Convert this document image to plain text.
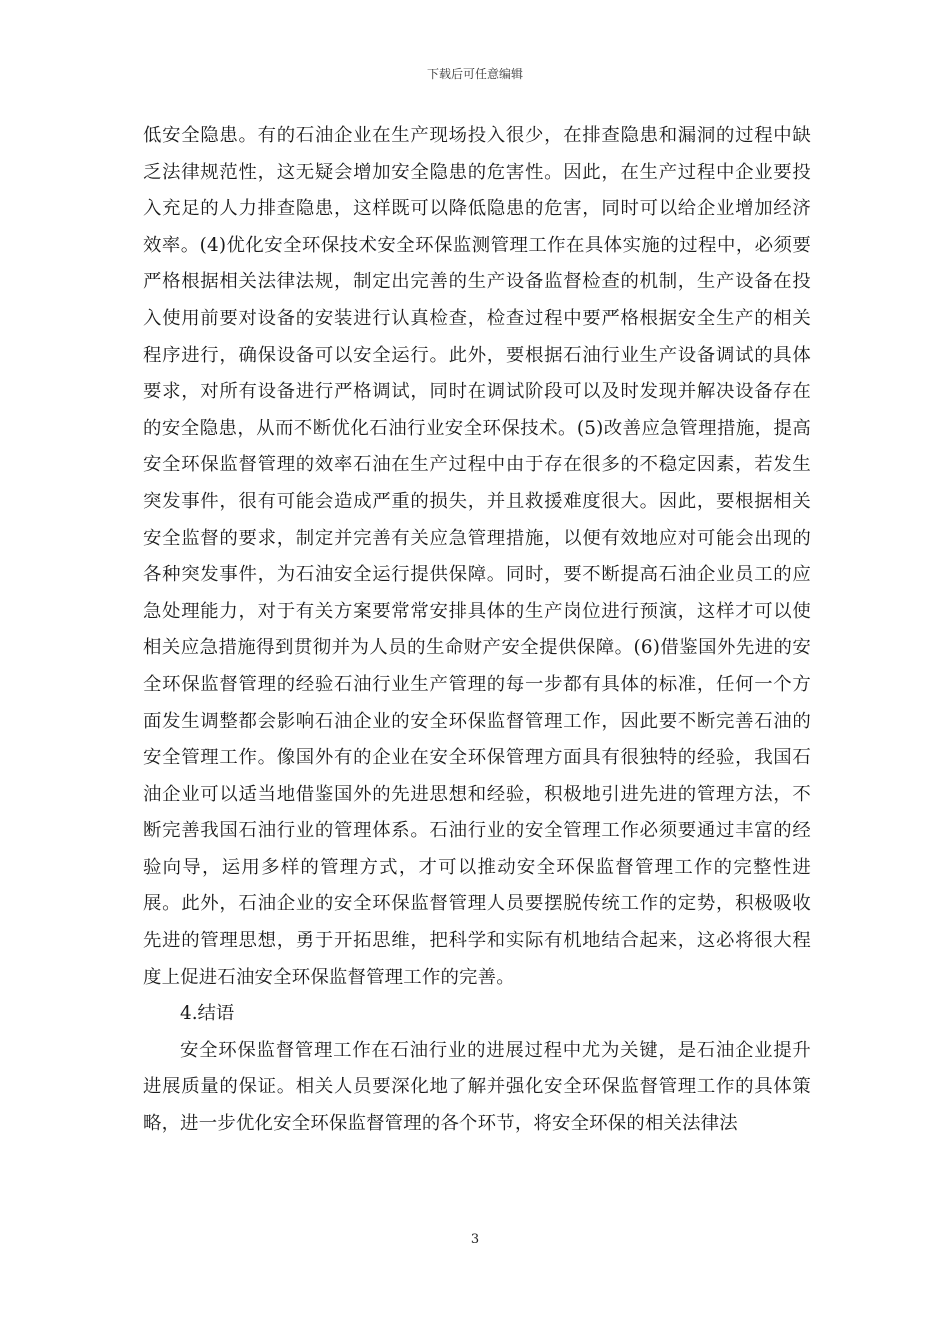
下载后可任意编辑

低安全隐患。有的石油企业在生产现场投入很少，在排查隐患和漏洞的过程中缺乏法律规范性，这无疑会增加安全隐患的危害性。因此，在生产过程中企业要投入充足的人力排查隐患，这样既可以降低隐患的危害，同时可以给企业增加经济效率。(4)优化安全环保技术安全环保监测管理工作在具体实施的过程中，必须要严格根据相关法律法规，制定出完善的生产设备监督检查的机制，生产设备在投入使用前要对设备的安装进行认真检查，检查过程中要严格根据安全生产的相关程序进行，确保设备可以安全运行。此外，要根据石油行业生产设备调试的具体要求，对所有设备进行严格调试，同时在调试阶段可以及时发现并解决设备存在的安全隐患，从而不断优化石油行业安全环保技术。(5)改善应急管理措施，提高安全环保监督管理的效率石油在生产过程中由于存在很多的不稳定因素，若发生突发事件，很有可能会造成严重的损失，并且救援难度很大。因此，要根据相关安全监督的要求，制定并完善有关应急管理措施，以便有效地应对可能会出现的各种突发事件，为石油安全运行提供保障。同时，要不断提高石油企业员工的应急处理能力，对于有关方案要常常安排具体的生产岗位进行预演，这样才可以使相关应急措施得到贯彻并为人员的生命财产安全提供保障。(6)借鉴国外先进的安全环保监督管理的经验石油行业生产管理的每一步都有具体的标准，任何一个方面发生调整都会影响石油企业的安全环保监督管理工作，因此要不断完善石油的安全管理工作。像国外有的企业在安全环保管理方面具有很独特的经验，我国石油企业可以适当地借鉴国外的先进思想和经验，积极地引进先进的管理方法，不断完善我国石油行业的管理体系。石油行业的安全管理工作必须要通过丰富的经验向导，运用多样的管理方式，才可以推动安全环保监督管理工作的完整性进展。此外，石油企业的安全环保监督管理人员要摆脱传统工作的定势，积极吸收先进的管理思想，勇于开拓思维，把科学和实际有机地结合起来，这必将很大程度上促进石油安全环保监督管理工作的完善。

4.结语

安全环保监督管理工作在石油行业的进展过程中尤为关键，是石油企业提升进展质量的保证。相关人员要深化地了解并强化安全环保监督管理工作的具体策略，进一步优化安全环保监督管理的各个环节，将安全环保的相关法律法

3
